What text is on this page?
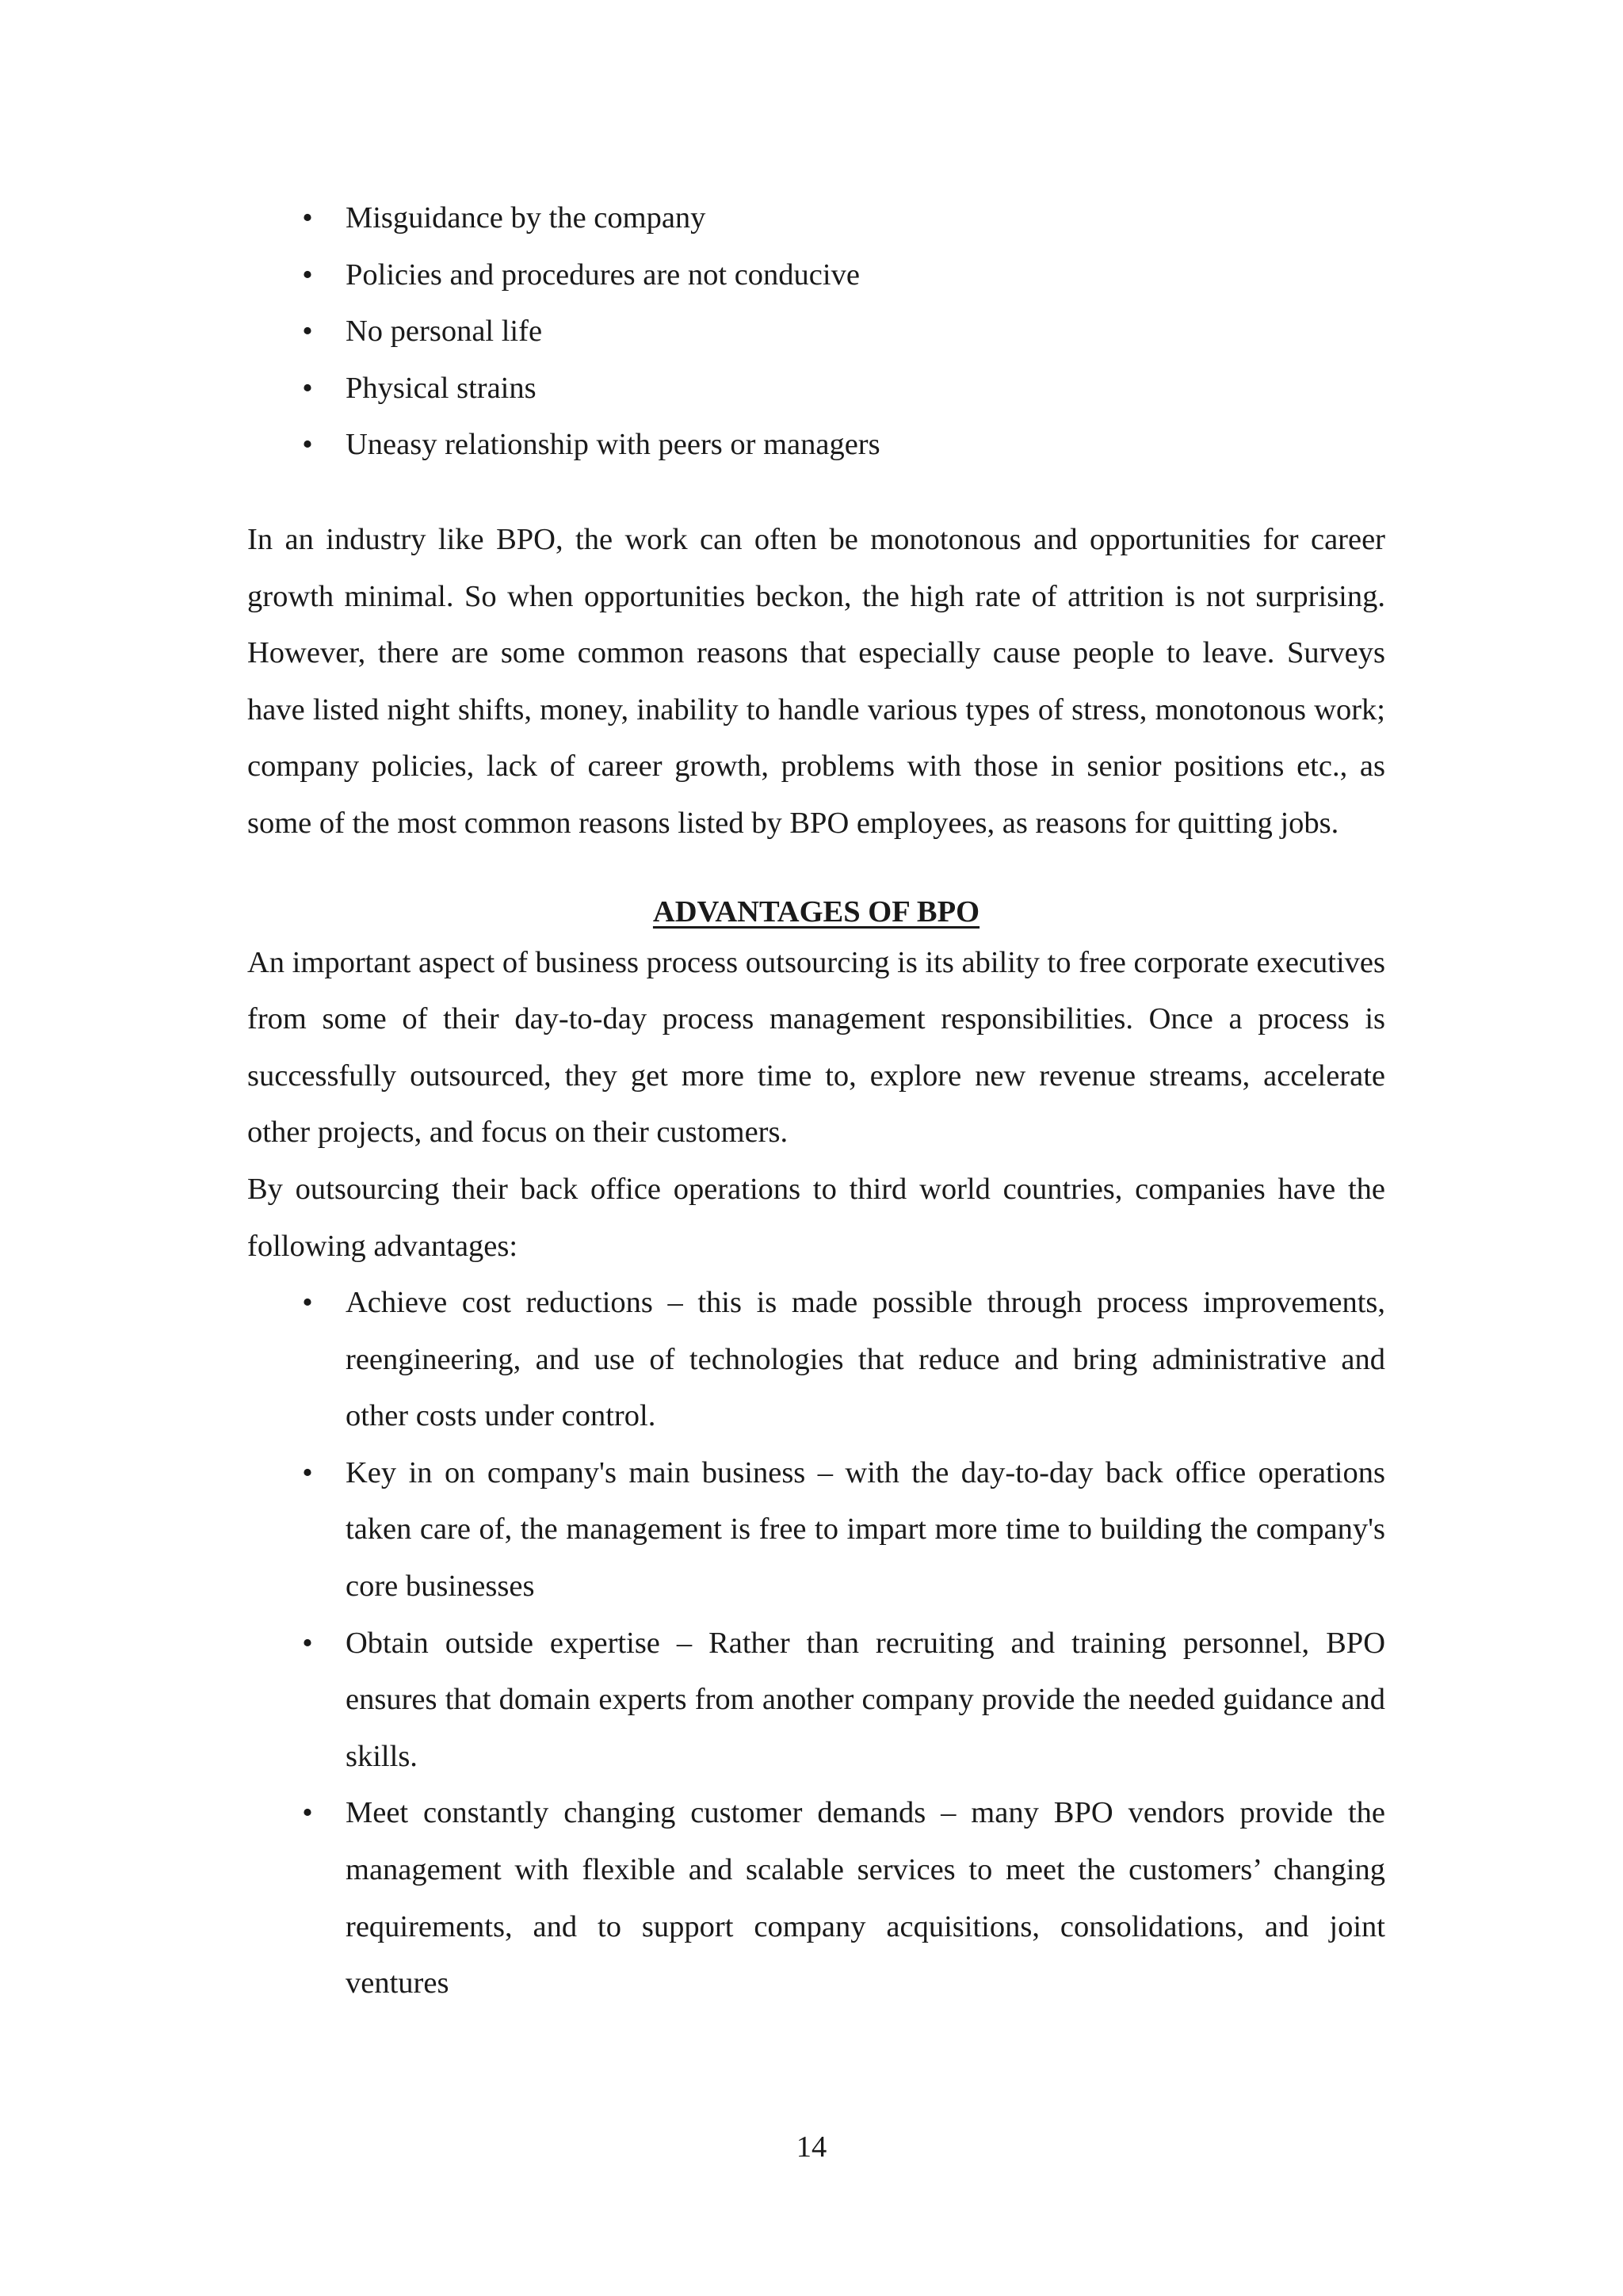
•	Misguidance by the company
•	Policies and procedures are not conducive
•	No personal life
•	Physical strains
•	Uneasy relationship with peers or managers

In an industry like BPO, the work can often be monotonous and opportunities for career growth minimal. So when opportunities beckon, the high rate of attrition is not surprising. However, there are some common reasons that especially cause people to leave. Surveys have listed night shifts, money, inability to handle various types of stress, monotonous work; company policies, lack of career growth, problems with those in senior positions etc., as some of the most common reasons listed by BPO employees, as reasons for quitting jobs.

ADVANTAGES OF BPO

An important aspect of business process outsourcing is its ability to free corporate executives from some of their day-to-day process management responsibilities. Once a process is successfully outsourced, they get more time to, explore new revenue streams, accelerate other projects, and focus on their customers.

By outsourcing their back office operations to third world countries, companies have the following advantages:

•	Achieve cost reductions – this is made possible through process improvements, reengineering, and use of technologies that reduce and bring administrative and other costs under control.
•	Key in on company's main business – with the day-to-day back office operations taken care of, the management is free to impart more time to building the company's core businesses
•	Obtain outside expertise – Rather than recruiting and training personnel, BPO ensures that domain experts from another company provide the needed guidance and skills.
•	Meet constantly changing customer demands – many BPO vendors provide the management with flexible and scalable services to meet the customers’ changing requirements, and to support company acquisitions, consolidations, and joint ventures
14
